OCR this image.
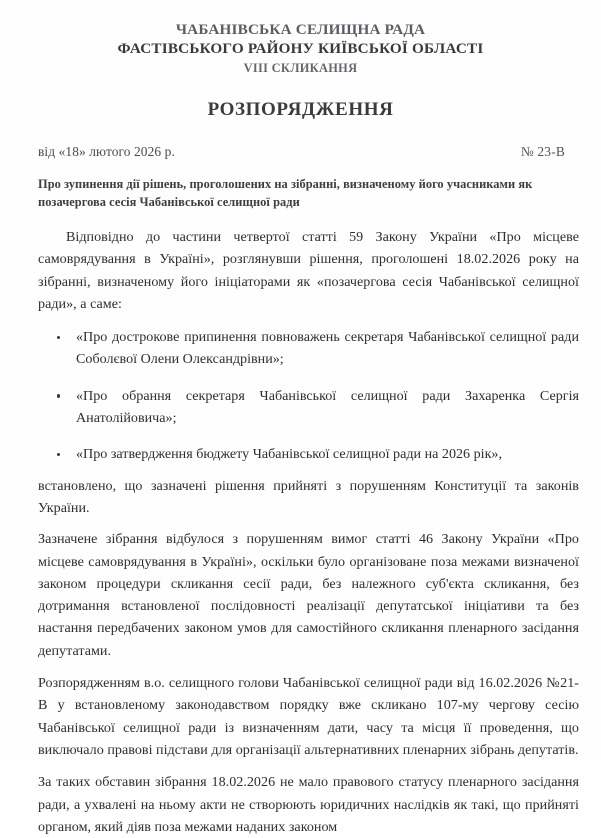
ЧАБАНІВСЬКА СЕЛИЩНА РАДА
ФАСТІВСЬКОГО РАЙОНУ КИЇВСЬКОЇ ОБЛАСТІ
VIII СКЛИКАННЯ
РОЗПОРЯДЖЕННЯ
від «18» лютого 2026 р.	№ 23-В
Про зупинення дії рішень, проголошених на зібранні, визначеному його учасниками як позачергова сесія Чабанівської селищної ради

Відповідно до частини четвертої статті 59 Закону України «Про місцеве самоврядування в Україні», розглянувши рішення, проголошені 18.02.2026 року на зібранні, визначеному його ініціаторами як «позачергова сесія Чабанівської селищної ради», а саме:

«Про дострокове припинення повноважень секретаря Чабанівської селищної ради Соболєвої Олени Олександрівни»;
«Про обрання секретаря Чабанівської селищної ради Захаренка Сергія Анатолійовича»;
«Про затвердження бюджету Чабанівської селищної ради на 2026 рік»,

встановлено, що зазначені рішення прийняті з порушенням Конституції та законів України.

Зазначене зібрання відбулося з порушенням вимог статті 46 Закону України «Про місцеве самоврядування в Україні», оскільки було організоване поза межами визначеної законом процедури скликання сесії ради, без належного суб'єкта скликання, без дотримання встановленої послідовності реалізації депутатської ініціативи та без настання передбачених законом умов для самостійного скликання пленарного засідання депутатами.

Розпорядженням в.о. селищного голови Чабанівської селищної ради від 16.02.2026 №21-В у встановленому законодавством порядку вже скликано 107-му чергову сесію Чабанівської селищної ради із визначенням дати, часу та місця її проведення, що виключало правові підстави для організації альтернативних пленарних зібрань депутатів.

За таких обставин зібрання 18.02.2026 не мало правового статусу пленарного засідання ради, а ухвалені на ньому акти не створюють юридичних наслідків як такі, що прийняті органом, який діяв поза межами наданих законом
